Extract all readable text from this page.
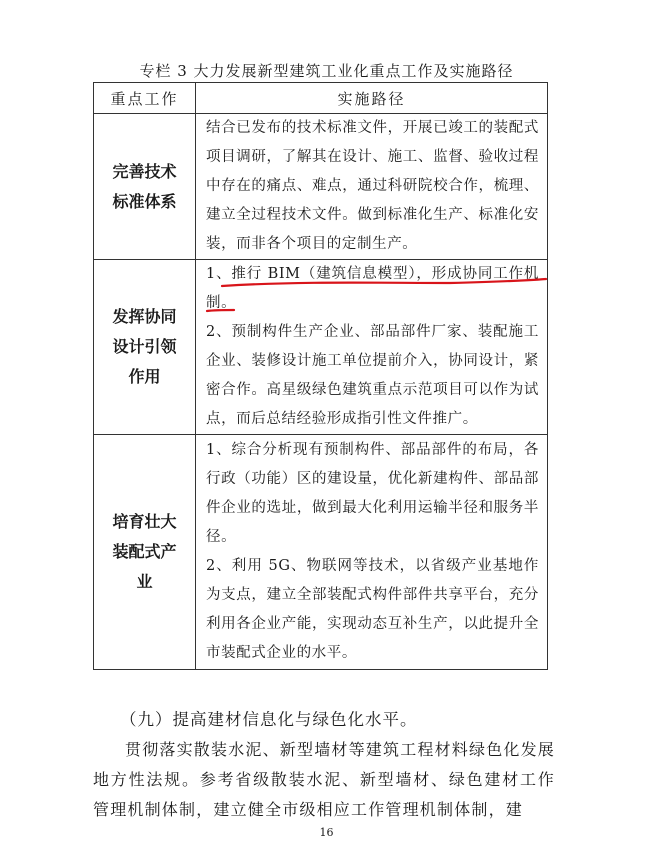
专栏 3 大力发展新型建筑工业化重点工作及实施路径
重点工作	实施路径
完善技术标准体系	结合已发布的技术标准文件，开展已竣工的装配式项目调研，了解其在设计、施工、监督、验收过程中存在的痛点、难点，通过科研院校合作，梳理、建立全过程技术文件。做到标准化生产、标准化安装，而非各个项目的定制生产。

发挥协同设计引领作用	1、推行 BIM（建筑信息模型），形成协同工作机制。

2、预制构件生产企业、部品部件厂家、装配施工企业、装修设计施工单位提前介入，协同设计，紧密合作。高星级绿色建筑重点示范项目可以作为试点，而后总结经验形成指引性文件推广。

培育壮大装配式产业	1、综合分析现有预制构件、部品部件的布局，各行政（功能）区的建设量，优化新建构件、部品部件企业的选址，做到最大化利用运输半径和服务半径。

2、利用 5G、物联网等技术，以省级产业基地作为支点，建立全部装配式构件部件共享平台，充分利用各企业产能，实现动态互补生产，以此提升全市装配式企业的水平。

（九）提高建材信息化与绿色化水平。

贯彻落实散装水泥、新型墙材等建筑工程材料绿色化发展地方性法规。参考省级散装水泥、新型墙材、绿色建材工作管理机制体制，建立健全市级相应工作管理机制体制，建

16
